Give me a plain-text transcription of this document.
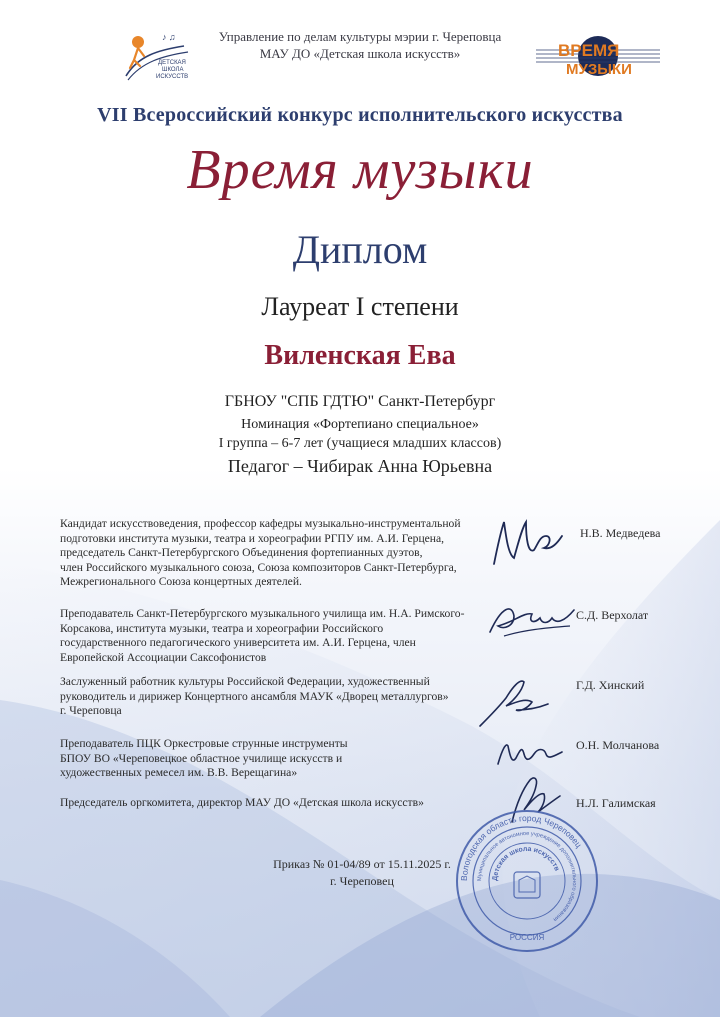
♪ ♫
ДЕТСКАЯ
ШКОЛА
ИСКУССТВ
Управление по делам культуры мэрии г. Череповца
МАУ ДО «Детская школа искусств»	ВРЕМЯ
МУЗЫКИ
VII Всероссийский конкурс исполнительского искусства
Время музыки
Диплом
Лауреат I степени
Виленская Ева
ГБНОУ "СПБ ГДТЮ" Санкт-Петербург
Номинация «Фортепиано специальное»
I группа – 6-7 лет (учащиеся младших классов)
Педагог – Чибирак Анна Юрьевна
Кандидат искусствоведения, профессор кафедры музыкально-инструментальной
подготовки института музыки, театра и хореографии РГПУ им. А.И. Герцена,
председатель Санкт-Петербургского Объединения фортепианных дуэтов,
член Российского музыкального союза, Союза композиторов Санкт-Петербурга,
Межрегионального Союза концертных деятелей.
Н.В. Медведева
Преподаватель Санкт-Петербургского музыкального училища им. Н.А. Римского-
Корсакова, института музыки, театра и хореографии Российского
государственного педагогического университета им. А.И. Герцена, член
Европейской Ассоциации Саксофонистов
С.Д. Верхолат
Заслуженный работник культуры Российской Федерации, художественный
руководитель и дирижер Концертного ансамбля МАУК «Дворец металлургов»
г. Череповца
Г.Д. Хинский
Преподаватель ПЦК Оркестровые струнные инструменты
БПОУ ВО «Череповецкое областное училище искусств и
художественных ремесел им. В.В. Верещагина»
О.Н. Молчанова
Председатель оргкомитета, директор МАУ ДО «Детская школа искусств»	Н.Л. Галимская
Вологодская область город Череповец
Муниципальное автономное учреждение дополнительного образования
Детская школа искусств
РОССИЯ
Приказ № 01-04/89 от 15.11.2025 г.
г. Череповец
